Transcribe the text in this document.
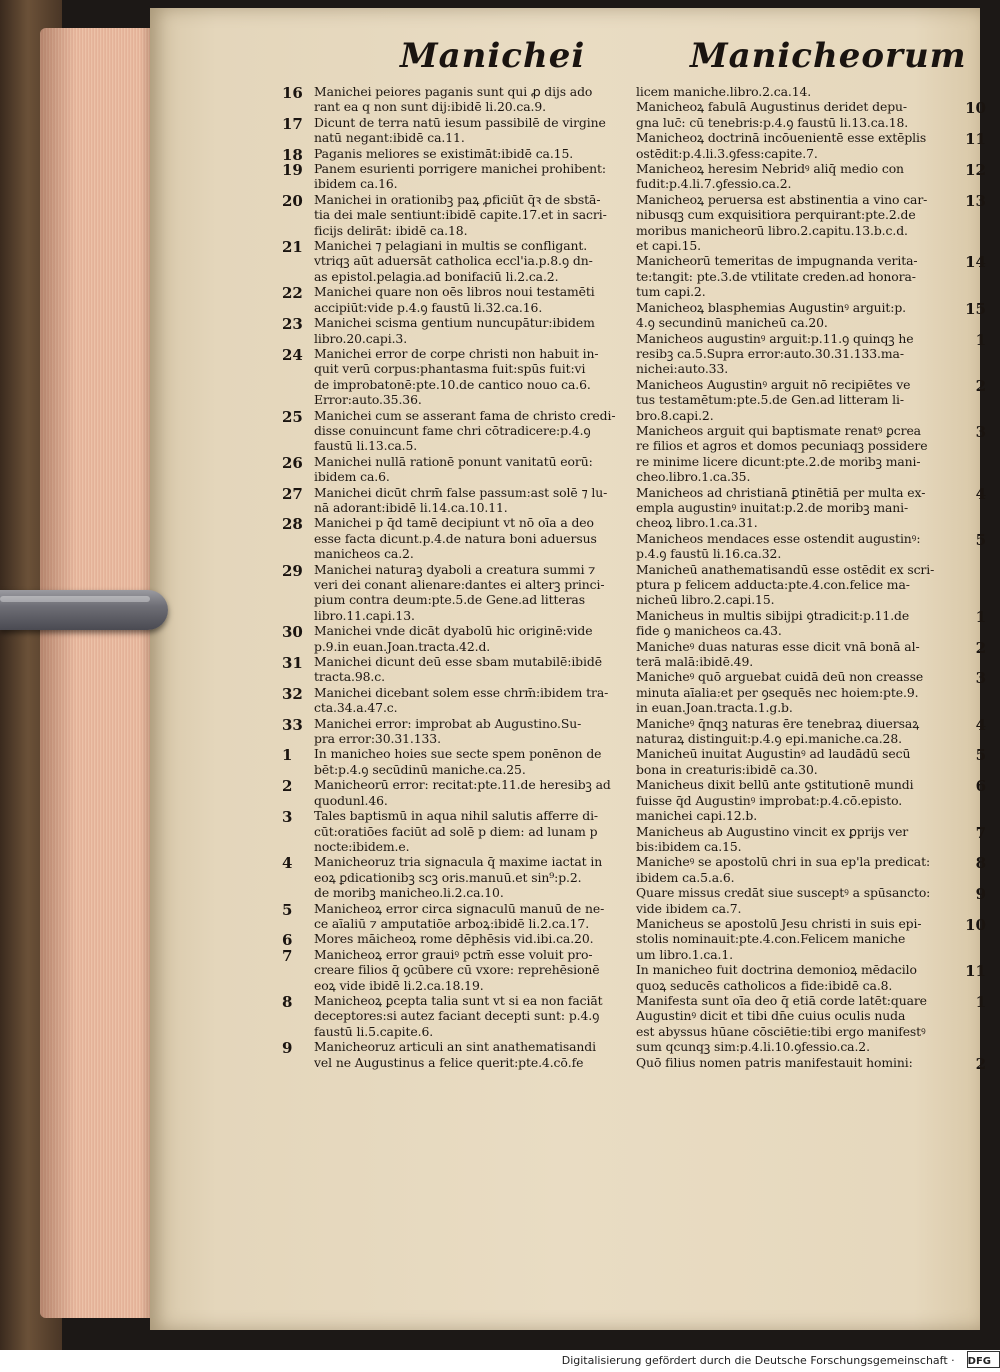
Manichei	Manicheorum
16 Manichei peiores paganis sunt qui ꝓ dijs ado
rant ea q non sunt dij:ibidē li.20.ca.9.
17 Dicunt de terra natū iesum passibilē de virgine
natū negant:ibidē ca.11.
18 Paganis meliores se existimāt:ibidē ca.15.
19 Panem esurienti porrigere manichei prohibent:
ibidem ca.16.
20 Manichei in orationibꝫ paꝝ ꝓficiūt q̄ꝛ de sbstā-
tia dei male sentiunt:ibidē capite.17.et in sacri-
ficijs delirāt: ibidē ca.18.
21 Manichei ⁊ pelagiani in multis se confligant.
vtriqꝫ aūt aduersāt catholica eccl'ia.p.8.ꝯ dn-
as epistol.pelagia.ad bonifaciū li.2.ca.2.
22 Manichei quare non oēs libros noui testamēti
accipiūt:vide p.4.ꝯ faustū li.32.ca.16.
23 Manichei scisma gentium nuncupātur:ibidem
libro.20.capi.3.
24 Manichei error de corpe christi non habuit in-
quit verū corpus:phantasma fuit:spūs fuit:vi
de improbatonē:pte.10.de cantico nouo ca.6.
Error:auto.35.36.
25 Manichei cum se asserant fama de christo credi-
disse conuincunt fame chri cōtradicere:p.4.ꝯ
faustū li.13.ca.5.
26 Manichei nullā rationē ponunt vanitatū eorū:
ibidem ca.6.
27 Manichei dicūt chrm̄ false passum:ast solē ⁊ lu-
nā adorant:ibidē li.14.ca.10.11.
28 Manichei p q̄d tamē decipiunt vt nō oīa a deo
esse facta dicunt.p.4.de natura boni aduersus
manicheos ca.2.
29 Manichei naturaꝫ dyaboli a creatura summi ⁊
veri dei conant alienare:dantes ei alterꝫ princi-
pium contra deum:pte.5.de Gene.ad litteras
libro.11.capi.13.
30 Manichei vnde dicāt dyabolū hic originē:vide
p.9.in euan.Joan.tracta.42.d.
31 Manichei dicunt deū esse sbam mutabilē:ibidē
tracta.98.c.
32 Manichei dicebant solem esse chrm̄:ibidem tra-
cta.34.a.47.c.
33 Manichei error: improbat ab Augustino.Su-
pra error:30.31.133.
1	In manicheo hoies sue secte spem ponēnon de
bēt:p.4.ꝯ secūdinū maniche.ca.25.
2	Manicheorū error: recitat:pte.11.de heresibꝫ ad
quodunl.46.
3	Tales baptismū in aqua nihil salutis afferre di-
cūt:oratiōes faciūt ad solē p diem: ad lunam p
nocte:ibidem.e.
4	Manicheoruz tria signacula q̄ maxime iactat in
eoꝝ ꝑdicationibꝫ scꝫ oris.manuū.et sin⁹:p.2.
de moribꝫ manicheo.li.2.ca.10.
5	Manicheoꝝ error circa signaculū manuū de ne-
ce aīaliū ⁊ amputatiōe arboꝝ:ibidē li.2.ca.17.
6	Mores māicheoꝝ rome dēphēsis vid.ibi.ca.20.
7	Manicheoꝝ error grauiꝰ pctm̄ esse voluit pro-
creare filios q̄ ꝯcūbere cū vxore: reprehēsionē
eoꝝ vide ibidē li.2.ca.18.19.
8	Manicheoꝝ ꝑcepta talia sunt vt si ea non faciāt
deceptores:si autez faciant decepti sunt: p.4.ꝯ
faustū li.5.capite.6.
9	Manicheoruz articuli an sint anathematisandi
vel ne Augustinus a felice querit:pte.4.cō.fe
licem maniche.libro.2.ca.14.
10
Manicheoꝝ fabulā Augustinus deridet depu-
gna luc̄: cū tenebris:p.4.ꝯ faustū li.13.ca.18.
11
Manicheoꝝ doctrinā incōuenientē esse extēplis
ostēdit:p.4.li.3.ꝯfess:capite.7.
12
Manicheoꝝ heresim Nebridꝰ aliq̄ medio con
fudit:p.4.li.7.ꝯfessio.ca.2.
13
Manicheoꝝ peruersa est abstinentia a vino car-
nibusqꝫ cum exquisitiora perquirant:pte.2.de
moribus manicheorū libro.2.capitu.13.b.c.d.
et capi.15.
14
Manicheorū temeritas de impugnanda verita-
te:tangit: pte.3.de vtilitate creden.ad honora-
tum capi.2.
15
Manicheoꝝ blasphemias Augustinꝰ arguit:p.
4.ꝯ secundinū manicheū ca.20.
1
Manicheos augustinꝰ arguit:p.11.ꝯ quinqꝫ he
resibꝫ ca.5.Supra error:auto.30.31.133.ma-
nichei:auto.33.
2
Manicheos Augustinꝰ arguit nō recipiētes ve
tus testamētum:pte.5.de Gen.ad litteram li-
bro.8.capi.2.
3
Manicheos arguit qui baptismate renatꝰ ꝑcrea
re filios et agros et domos pecuniaqꝫ possidere
re minime licere dicunt:pte.2.de moribꝫ mani-
cheo.libro.1.ca.35.
4
Manicheos ad christianā ꝑtinētiā per multa ex-
empla augustinꝰ inuitat:p.2.de moribꝫ mani-
cheoꝝ libro.1.ca.31.
5
Manicheos mendaces esse ostendit augustinꝰ:
p.4.ꝯ faustū li.16.ca.32.
Manicheū anathematisandū esse ostēdit ex scri-
ptura p felicem adducta:pte.4.con.felice ma-
nicheū libro.2.capi.15.
1
Manicheus in multis sibijpi ꝯtradicit:p.11.de
fide ꝯ manicheos ca.43.
2
Manicheꝰ duas naturas esse dicit vnā bonā al-
terā malā:ibidē.49.
3
Manicheꝰ quō arguebat cuidā deū non creasse
minuta aīalia:et per ꝯsequēs nec hoiem:pte.9.
in euan.Joan.tracta.1.g.b.
4
Manicheꝰ q̄nqꝫ naturas ēre tenebraꝝ diuersaꝝ
naturaꝝ distinguit:p.4.ꝯ epi.maniche.ca.28.
5
Manicheū inuitat Augustinꝰ ad laudādū secū
bona in creaturis:ibidē ca.30.
6
Manicheus dixit bellū ante ꝯstitutionē mundi
fuisse q̄d Augustinꝰ improbat:p.4.cō.episto.
manichei capi.12.b.
7
Manicheus ab Augustino vincit ex ꝑprijs ver
bis:ibidem ca.15.
8
Manicheꝰ se apostolū chri in sua ep'la predicat:
ibidem ca.5.a.6.
9
Quare missus credāt siue susceptꝰ a spūsancto:
vide ibidem ca.7.
10
Manicheus se apostolū Jesu christi in suis epi-
stolis nominauit:pte.4.con.Felicem maniche
um libro.1.ca.1.
11
In manicheo fuit doctrina demonioꝝ mēdacilo
quoꝝ seducēs catholicos a fide:ibidē ca.8.
1
Manifesta sunt oīa deo q̄ etiā corde latēt:quare
Augustinꝰ dicit et tibi dn̄e cuius oculis nuda
est abyssus hūane cōsciētie:tibi ergo manifestꝰ
sum qcunqꝫ sim:p.4.li.10.ꝯfessio.ca.2.
2
Quō filius nomen patris manifestauit homini:
Digitalisierung gefördert durch die Deutsche Forschungsgemeinschaft · DFG
